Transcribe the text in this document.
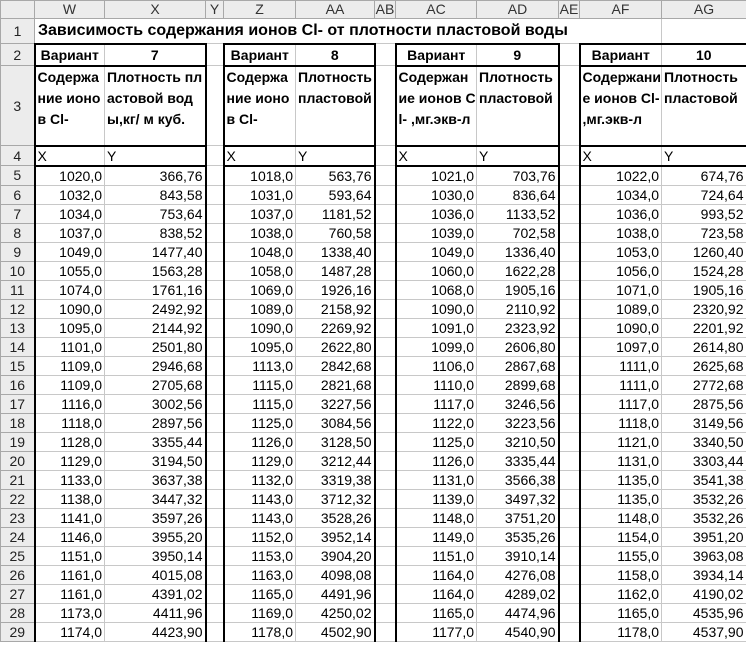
	W	X	Y	Z	AA	AB	AC	AD	AE	AF	AG
1	Зависимость содержания ионов Cl- от плотности пластовой воды										
2	Вариант	7		Вариант	8		Вариант	9		Вариант	10
3	Содержание ионов Cl-	Плотность пластовой воды,кг/ м куб.		Содержание ионов Cl-	Плотность пластовой		Содержание ионов Cl- ,мг.экв-л	Плотность пластовой		Содержание ионов Cl- ,мг.экв-л	Плотность пластовой
4	X	Y		X	Y		X	Y		X	Y
5	1020,0	366,76		1018,0	563,76		1021,0	703,76		1022,0	674,76
6	1032,0	843,58		1031,0	593,64		1030,0	836,64		1034,0	724,64
7	1034,0	753,64		1037,0	1181,52		1036,0	1133,52		1036,0	993,52
8	1037,0	838,52		1038,0	760,58		1039,0	702,58		1038,0	723,58
9	1049,0	1477,40		1048,0	1338,40		1049,0	1336,40		1053,0	1260,40
10	1055,0	1563,28		1058,0	1487,28		1060,0	1622,28		1056,0	1524,28
11	1074,0	1761,16		1069,0	1926,16		1068,0	1905,16		1071,0	1905,16
12	1090,0	2492,92		1089,0	2158,92		1090,0	2110,92		1089,0	2320,92
13	1095,0	2144,92		1090,0	2269,92		1091,0	2323,92		1090,0	2201,92
14	1101,0	2501,80		1095,0	2622,80		1099,0	2606,80		1097,0	2614,80
15	1109,0	2946,68		1113,0	2842,68		1106,0	2867,68		1111,0	2625,68
16	1109,0	2705,68		1115,0	2821,68		1110,0	2899,68		1111,0	2772,68
17	1116,0	3002,56		1115,0	3227,56		1117,0	3246,56		1117,0	2875,56
18	1118,0	2897,56		1125,0	3084,56		1122,0	3223,56		1118,0	3149,56
19	1128,0	3355,44		1126,0	3128,50		1125,0	3210,50		1121,0	3340,50
20	1129,0	3194,50		1129,0	3212,44		1126,0	3335,44		1131,0	3303,44
21	1133,0	3637,38		1132,0	3319,38		1131,0	3566,38		1135,0	3541,38
22	1138,0	3447,32		1143,0	3712,32		1139,0	3497,32		1135,0	3532,26
23	1141,0	3597,26		1143,0	3528,26		1148,0	3751,20		1148,0	3532,26
24	1146,0	3955,20		1152,0	3952,14		1149,0	3535,26		1154,0	3951,20
25	1151,0	3950,14		1153,0	3904,20		1151,0	3910,14		1155,0	3963,08
26	1161,0	4015,08		1163,0	4098,08		1164,0	4276,08		1158,0	3934,14
27	1161,0	4391,02		1165,0	4491,96		1164,0	4289,02		1162,0	4190,02
28	1173,0	4411,96		1169,0	4250,02		1165,0	4474,96		1165,0	4535,96
29	1174,0	4423,90		1178,0	4502,90		1177,0	4540,90		1178,0	4537,90
